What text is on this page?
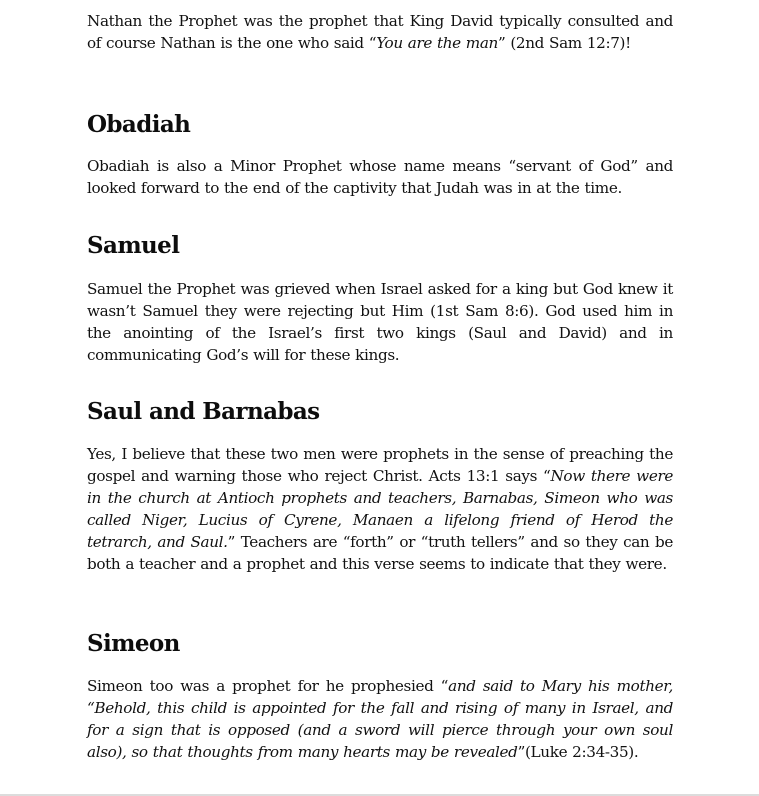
Nathan the Prophet was the prophet that King David typically consulted and of course Nathan is the one who said “You are the man” (2nd Sam 12:7)!

Obadiah

Obadiah is also a Minor Prophet whose name means “servant of God” and looked forward to the end of the captivity that Judah was in at the time.

Samuel

Samuel the Prophet was grieved when Israel asked for a king but God knew it wasn’t Samuel they were rejecting but Him (1st Sam 8:6). God used him in the anointing of the Israel’s first two kings (Saul and David) and in communicating God’s will for these kings.

Saul and Barnabas

Yes, I believe that these two men were prophets in the sense of preaching the gospel and warning those who reject Christ. Acts 13:1 says “Now there were in the church at Antioch prophets and teachers, Barnabas, Simeon who was called Niger, Lucius of Cyrene, Manaen a lifelong friend of Herod the tetrarch, and Saul.” Teachers are “forth” or “truth tellers” and so they can be both a teacher and a prophet and this verse seems to indicate that they were.

Simeon

Simeon too was a prophet for he prophesied “and said to Mary his mother, “Behold, this child is appointed for the fall and rising of many in Israel, and for a sign that is opposed (and a sword will pierce through your own soul also), so that thoughts from many hearts may be revealed”(Luke 2:34-35).
